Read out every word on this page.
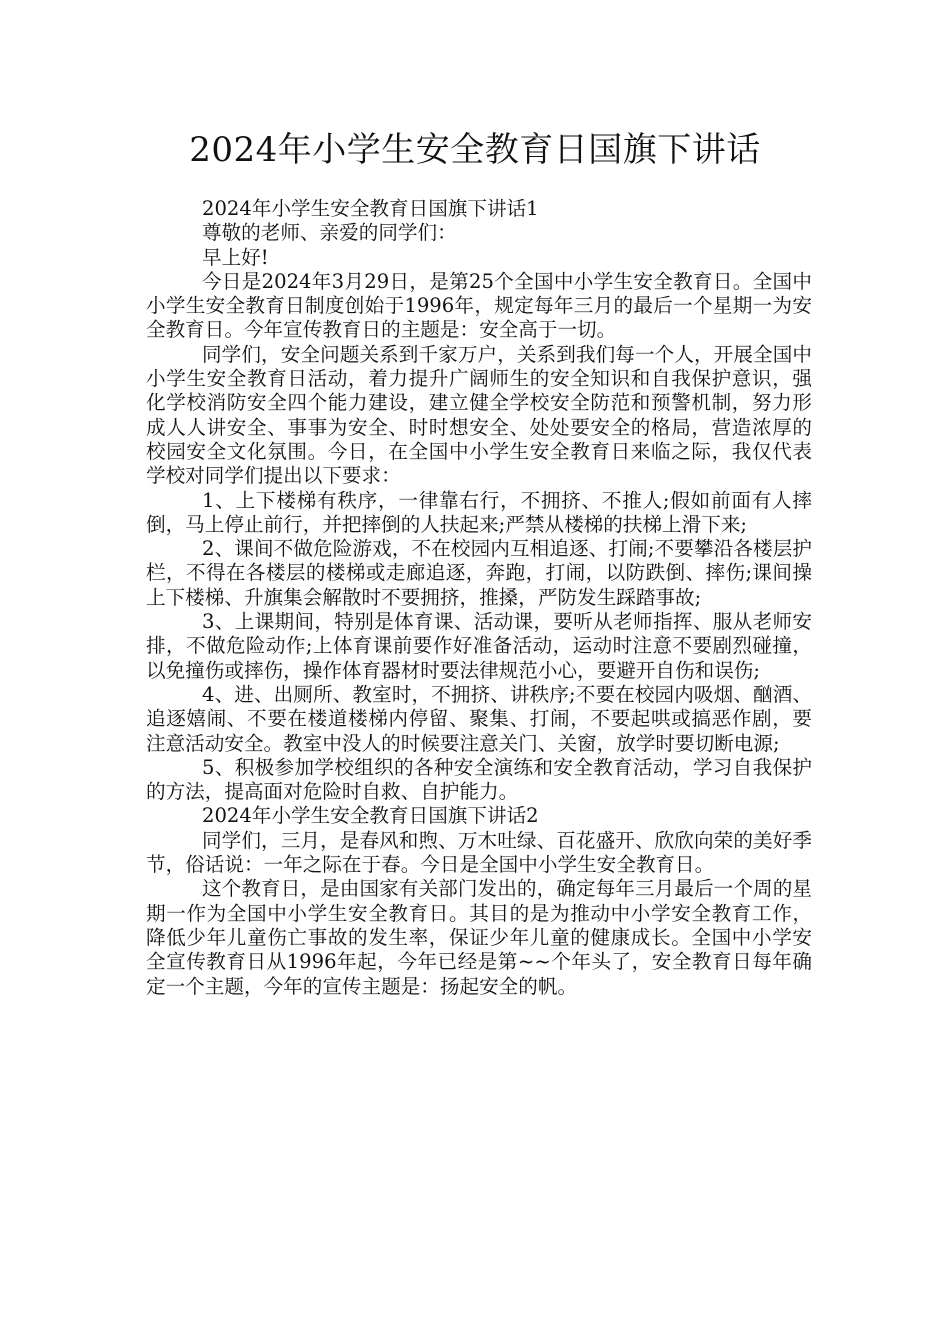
2024年小学生安全教育日国旗下讲话

2024年小学生安全教育日国旗下讲话1

尊敬的老师、亲爱的同学们：

早上好!

今日是2024年3月29日，是第25个全国中小学生安全教育日。全国中小学生安全教育日制度创始于1996年，规定每年三月的最后一个星期一为安全教育日。今年宣传教育日的主题是：安全高于一切。

同学们，安全问题关系到千家万户，关系到我们每一个人，开展全国中小学生安全教育日活动，着力提升广阔师生的安全知识和自我保护意识，强化学校消防安全四个能力建设，建立健全学校安全防范和预警机制，努力形成人人讲安全、事事为安全、时时想安全、处处要安全的格局，营造浓厚的校园安全文化氛围。今日，在全国中小学生安全教育日来临之际，我仅代表学校对同学们提出以下要求：

1、上下楼梯有秩序，一律靠右行，不拥挤、不推人;假如前面有人摔倒，马上停止前行，并把摔倒的人扶起来;严禁从楼梯的扶梯上滑下来;

2、课间不做危险游戏，不在校园内互相追逐、打闹;不要攀沿各楼层护栏，不得在各楼层的楼梯或走廊追逐，奔跑，打闹，以防跌倒、摔伤;课间操上下楼梯、升旗集会解散时不要拥挤，推搡，严防发生踩踏事故;

3、上课期间，特别是体育课、活动课，要听从老师指挥、服从老师安排，不做危险动作;上体育课前要作好准备活动，运动时注意不要剧烈碰撞，以免撞伤或摔伤，操作体育器材时要法律规范小心，要避开自伤和误伤;

4、进、出厕所、教室时，不拥挤、讲秩序;不要在校园内吸烟、酗酒、追逐嬉闹、不要在楼道楼梯内停留、聚集、打闹，不要起哄或搞恶作剧，要注意活动安全。教室中没人的时候要注意关门、关窗，放学时要切断电源;

5、积极参加学校组织的各种安全演练和安全教育活动，学习自我保护的方法，提高面对危险时自救、自护能力。

2024年小学生安全教育日国旗下讲话2

同学们，三月，是春风和煦、万木吐绿、百花盛开、欣欣向荣的美好季节，俗话说：一年之际在于春。今日是全国中小学生安全教育日。

这个教育日，是由国家有关部门发出的，确定每年三月最后一个周的星期一作为全国中小学生安全教育日。其目的是为推动中小学安全教育工作，降低少年儿童伤亡事故的发生率，保证少年儿童的健康成长。全国中小学安全宣传教育日从1996年起，今年已经是第~~个年头了，安全教育日每年确定一个主题，今年的宣传主题是：扬起安全的帆。
